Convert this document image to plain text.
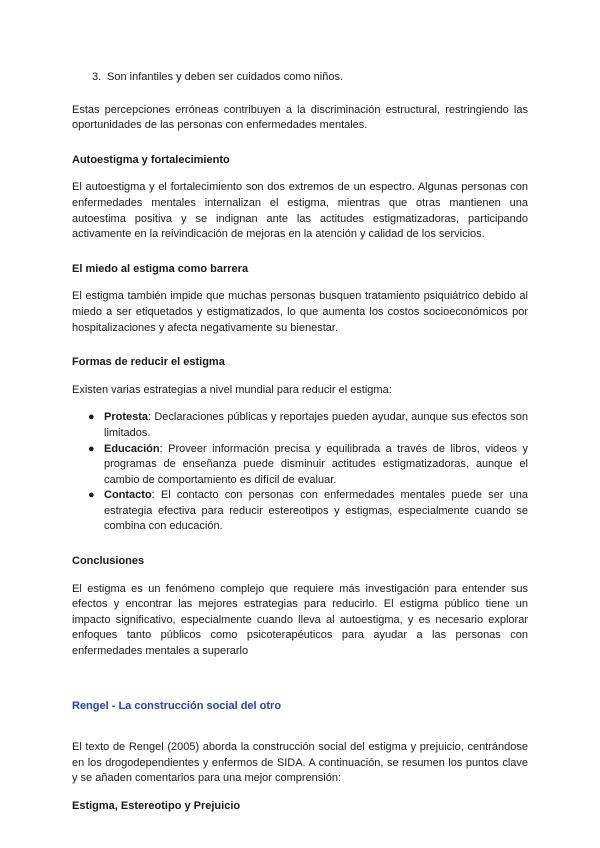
3. Son infantiles y deben ser cuidados como niños.

Estas percepciones erróneas contribuyen a la discriminación estructural, restringiendo las oportunidades de las personas con enfermedades mentales.

Autoestigma y fortalecimiento

El autoestigma y el fortalecimiento son dos extremos de un espectro. Algunas personas con enfermedades mentales internalizan el estigma, mientras que otras mantienen una autoestima positiva y se indignan ante las actitudes estigmatizadoras, participando activamente en la reivindicación de mejoras en la atención y calidad de los servicios.

El miedo al estigma como barrera

El estigma también impide que muchas personas busquen tratamiento psiquiátrico debido al miedo a ser etiquetados y estigmatizados, lo que aumenta los costos socioeconómicos por hospitalizaciones y afecta negativamente su bienestar.

Formas de reducir el estigma

Existen varias estrategias a nivel mundial para reducir el estigma:

● Protesta: Declaraciones públicas y reportajes pueden ayudar, aunque sus efectos son limitados.
● Educación: Proveer información precisa y equilibrada a través de libros, videos y programas de enseñanza puede disminuir actitudes estigmatizadoras, aunque el cambio de comportamiento es difícil de evaluar.
● Contacto: El contacto con personas con enfermedades mentales puede ser una estrategia efectiva para reducir estereotipos y estigmas, especialmente cuando se combina con educación.

Conclusiones

El estigma es un fenómeno complejo que requiere más investigación para entender sus efectos y encontrar las mejores estrategias para reducirlo. El estigma público tiene un impacto significativo, especialmente cuando lleva al autoestigma, y es necesario explorar enfoques tanto públicos como psicoterapéuticos para ayudar a las personas con enfermedades mentales a superarlo

Rengel - La construcción social del otro

El texto de Rengel (2005) aborda la construcción social del estigma y prejuicio, centrándose en los drogodependientes y enfermos de SIDA. A continuación, se resumen los puntos clave y se añaden comentarios para una mejor comprensión:

Estigma, Estereotipo y Prejuicio
